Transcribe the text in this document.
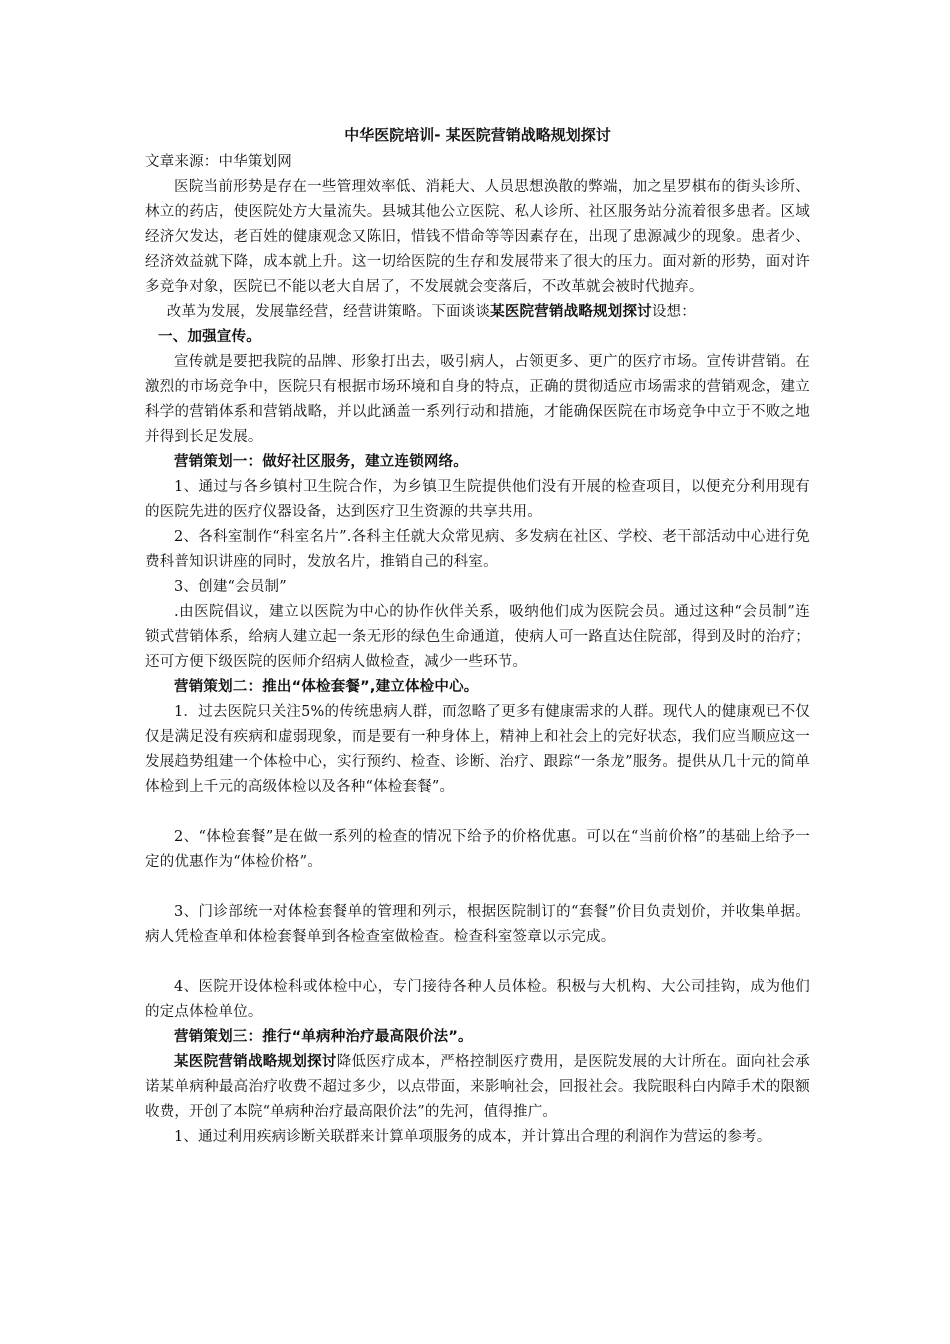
中华医院培训- 某医院营销战略规划探讨

文章来源：中华策划网

医院当前形势是存在一些管理效率低、消耗大、人员思想涣散的弊端，加之星罗棋布的街头诊所、林立的药店，使医院处方大量流失。县城其他公立医院、私人诊所、社区服务站分流着很多患者。区域经济欠发达，老百姓的健康观念又陈旧，惜钱不惜命等等因素存在，出现了患源减少的现象。患者少、经济效益就下降，成本就上升。这一切给医院的生存和发展带来了很大的压力。面对新的形势，面对许多竞争对象，医院已不能以老大自居了，不发展就会变落后，不改革就会被时代抛弃。

改革为发展，发展靠经营，经营讲策略。下面谈谈某医院营销战略规划探讨设想：

一、加强宣传。

宣传就是要把我院的品牌、形象打出去，吸引病人，占领更多、更广的医疗市场。宣传讲营销。在激烈的市场竞争中，医院只有根据市场环境和自身的特点，正确的贯彻适应市场需求的营销观念，建立科学的营销体系和营销战略，并以此涵盖一系列行动和措施，才能确保医院在市场竞争中立于不败之地并得到长足发展。

营销策划一：做好社区服务，建立连锁网络。

1、通过与各乡镇村卫生院合作，为乡镇卫生院提供他们没有开展的检查项目，以便充分利用现有的医院先进的医疗仪器设备，达到医疗卫生资源的共享共用。

2、各科室制作“科室名片”.各科主任就大众常见病、多发病在社区、学校、老干部活动中心进行免费科普知识讲座的同时，发放名片，推销自己的科室。

3、创建“会员制”

.由医院倡议，建立以医院为中心的协作伙伴关系，吸纳他们成为医院会员。通过这种“会员制”连锁式营销体系，给病人建立起一条无形的绿色生命通道，使病人可一路直达住院部，得到及时的治疗；还可方便下级医院的医师介绍病人做检查，减少一些环节。

营销策划二：推出“体检套餐”,建立体检中心。

1．过去医院只关注5%的传统患病人群，而忽略了更多有健康需求的人群。现代人的健康观已不仅仅是满足没有疾病和虚弱现象，而是要有一种身体上，精神上和社会上的完好状态，我们应当顺应这一发展趋势组建一个体检中心，实行预约、检查、诊断、治疗、跟踪“一条龙”服务。提供从几十元的简单体检到上千元的高级体检以及各种“体检套餐”。

2、“体检套餐”是在做一系列的检查的情况下给予的价格优惠。可以在“当前价格”的基础上给予一定的优惠作为“体检价格”。

3、门诊部统一对体检套餐单的管理和列示，根据医院制订的“套餐”价目负责划价，并收集单据。病人凭检查单和体检套餐单到各检查室做检查。检查科室签章以示完成。

4、医院开设体检科或体检中心，专门接待各种人员体检。积极与大机构、大公司挂钩，成为他们的定点体检单位。

营销策划三：推行“单病种治疗最高限价法”。

某医院营销战略规划探讨降低医疗成本，严格控制医疗费用，是医院发展的大计所在。面向社会承诺某单病种最高治疗收费不超过多少，以点带面，来影响社会，回报社会。我院眼科白内障手术的限额收费，开创了本院“单病种治疗最高限价法”的先河，值得推广。

1、通过利用疾病诊断关联群来计算单项服务的成本，并计算出合理的利润作为营运的参考。
